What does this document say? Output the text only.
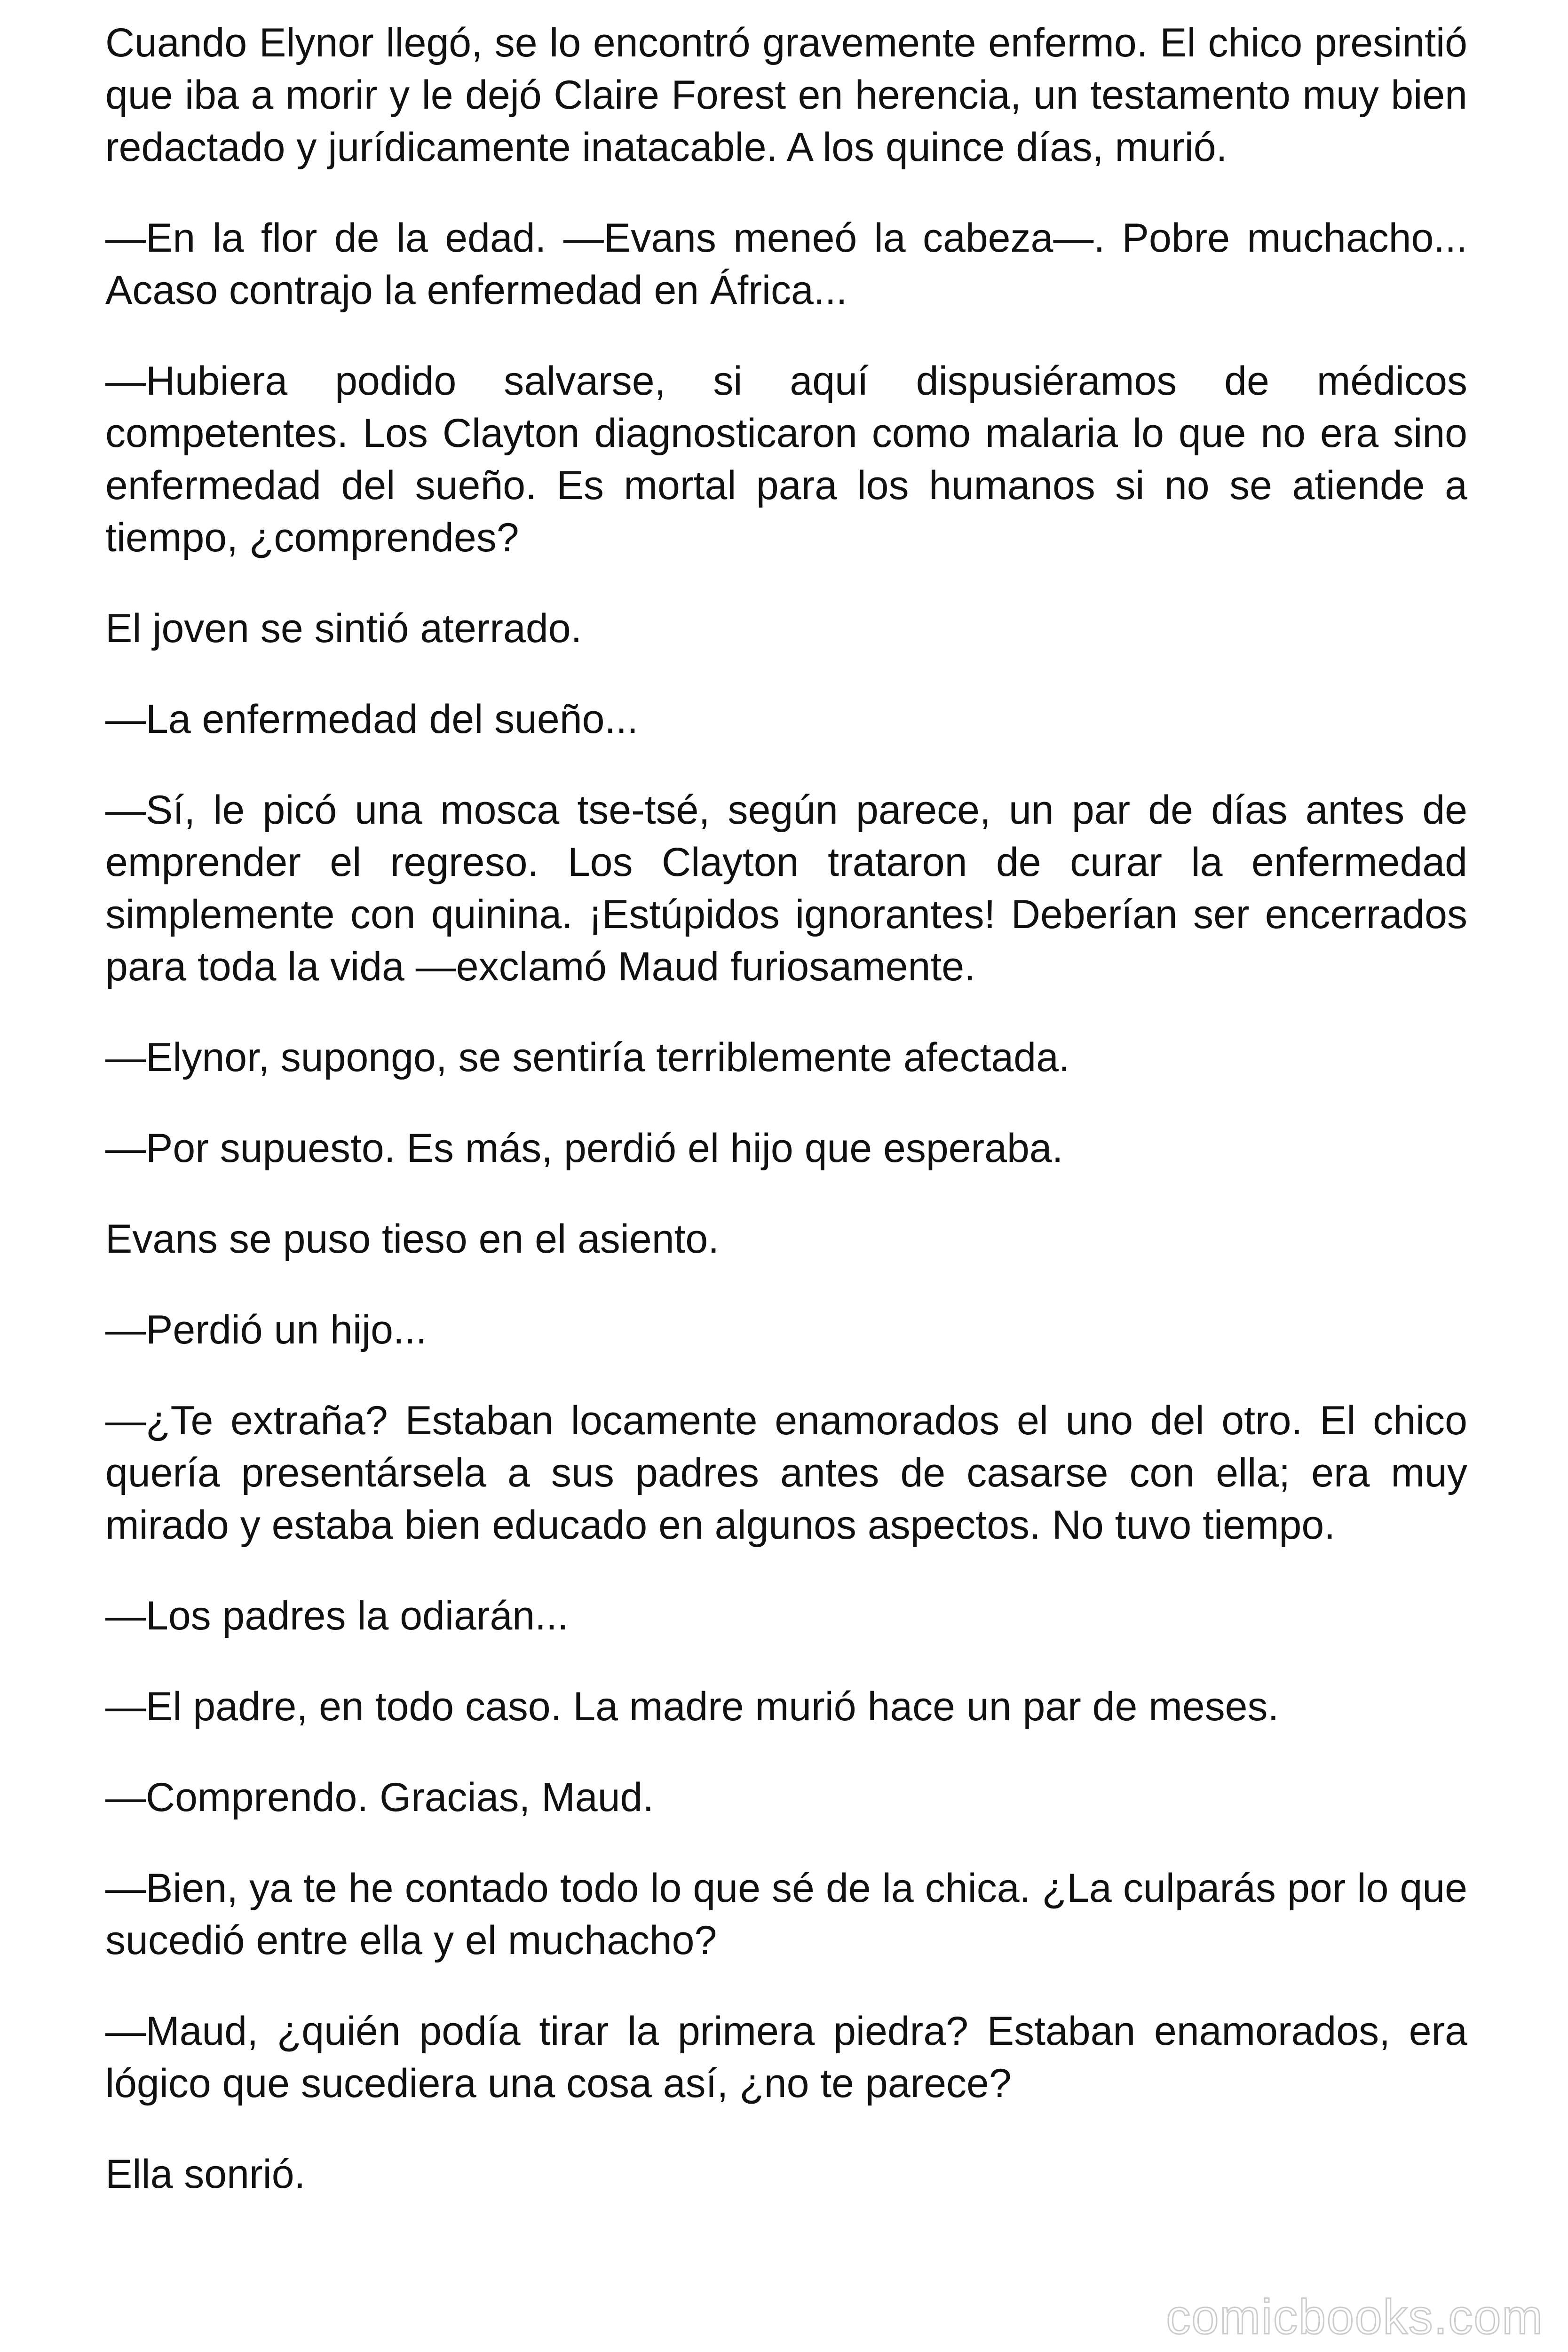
Cuando Elynor llegó, se lo encontró gravemente enfermo. El chico presintió que iba a morir y le dejó Claire Forest en herencia, un testamento muy bien redactado y jurídicamente inatacable. A los quince días, murió.

—En la flor de la edad. —Evans meneó la cabeza—. Pobre muchacho... Acaso contrajo la enfermedad en África...

—Hubiera podido salvarse, si aquí dispusiéramos de médicos competentes. Los Clayton diagnosticaron como malaria lo que no era sino enfermedad del sueño. Es mortal para los humanos si no se atiende a tiempo, ¿comprendes?

El joven se sintió aterrado.

—La enfermedad del sueño...

—Sí, le picó una mosca tse-tsé, según parece, un par de días antes de emprender el regreso. Los Clayton trataron de curar la enfermedad simplemente con quinina. ¡Estúpidos ignorantes! Deberían ser encerrados para toda la vida —exclamó Maud furiosamente.

—Elynor, supongo, se sentiría terriblemente afectada.

—Por supuesto. Es más, perdió el hijo que esperaba.

Evans se puso tieso en el asiento.

—Perdió un hijo...

—¿Te extraña? Estaban locamente enamorados el uno del otro. El chico quería presentársela a sus padres antes de casarse con ella; era muy mirado y estaba bien educado en algunos aspectos. No tuvo tiempo.

—Los padres la odiarán...

—El padre, en todo caso. La madre murió hace un par de meses.

—Comprendo. Gracias, Maud.

—Bien, ya te he contado todo lo que sé de la chica. ¿La culparás por lo que sucedió entre ella y el muchacho?

—Maud, ¿quién podía tirar la primera piedra? Estaban enamorados, era lógico que sucediera una cosa así, ¿no te parece?

Ella sonrió.

comicbooks.com
